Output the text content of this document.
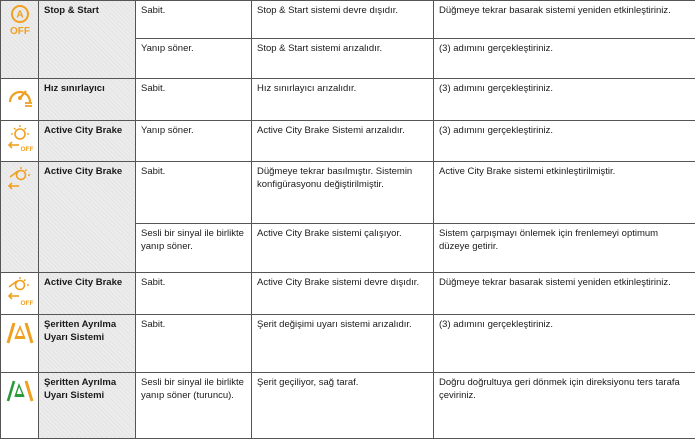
A
OFF	Stop & Start	Sabit.	Stop & Start sistemi devre dışıdır.	Düğmeye tekrar basarak sistemi yeniden etkinleştiriniz.
		Yanıp söner.	Stop & Start sistemi arızalıdır.	(3) adımını gerçekleştiriniz.

	Hız sınırlayıcı	Sabit.	Hız sınırlayıcı arızalıdır.	(3) adımını gerçekleştiriniz.

OFF	Active City Brake	Yanıp söner.	Active City Brake Sistemi arızalıdır.	(3) adımını gerçekleştiriniz.

	Active City Brake	Sabit.	Düğmeye tekrar basılmıştır. Sistemin konfigürasyonu değiştirilmiştir.	Active City Brake sistemi etkinleştirilmiştir.
		Sesli bir sinyal ile birlikte yanıp söner.	Active City Brake sistemi çalışıyor.	Sistem çarpışmayı önlemek için frenlemeyi optimum düzeye getirir.

OFF	Active City Brake	Sabit.	Active City Brake sistemi devre dışıdır.	Düğmeye tekrar basarak sistemi yeniden etkinleştiriniz.

	Şeritten Ayrılma Uyarı Sistemi	Sabit.	Şerit değişimi uyarı sistemi arızalıdır.	(3) adımını gerçekleştiriniz.

	Şeritten Ayrılma Uyarı Sistemi	Sesli bir sinyal ile birlikte yanıp söner (turuncu).	Şerit geçiliyor, sağ taraf.	Doğru doğrultuya geri dönmek için direksiyonu ters tarafa çeviriniz.
